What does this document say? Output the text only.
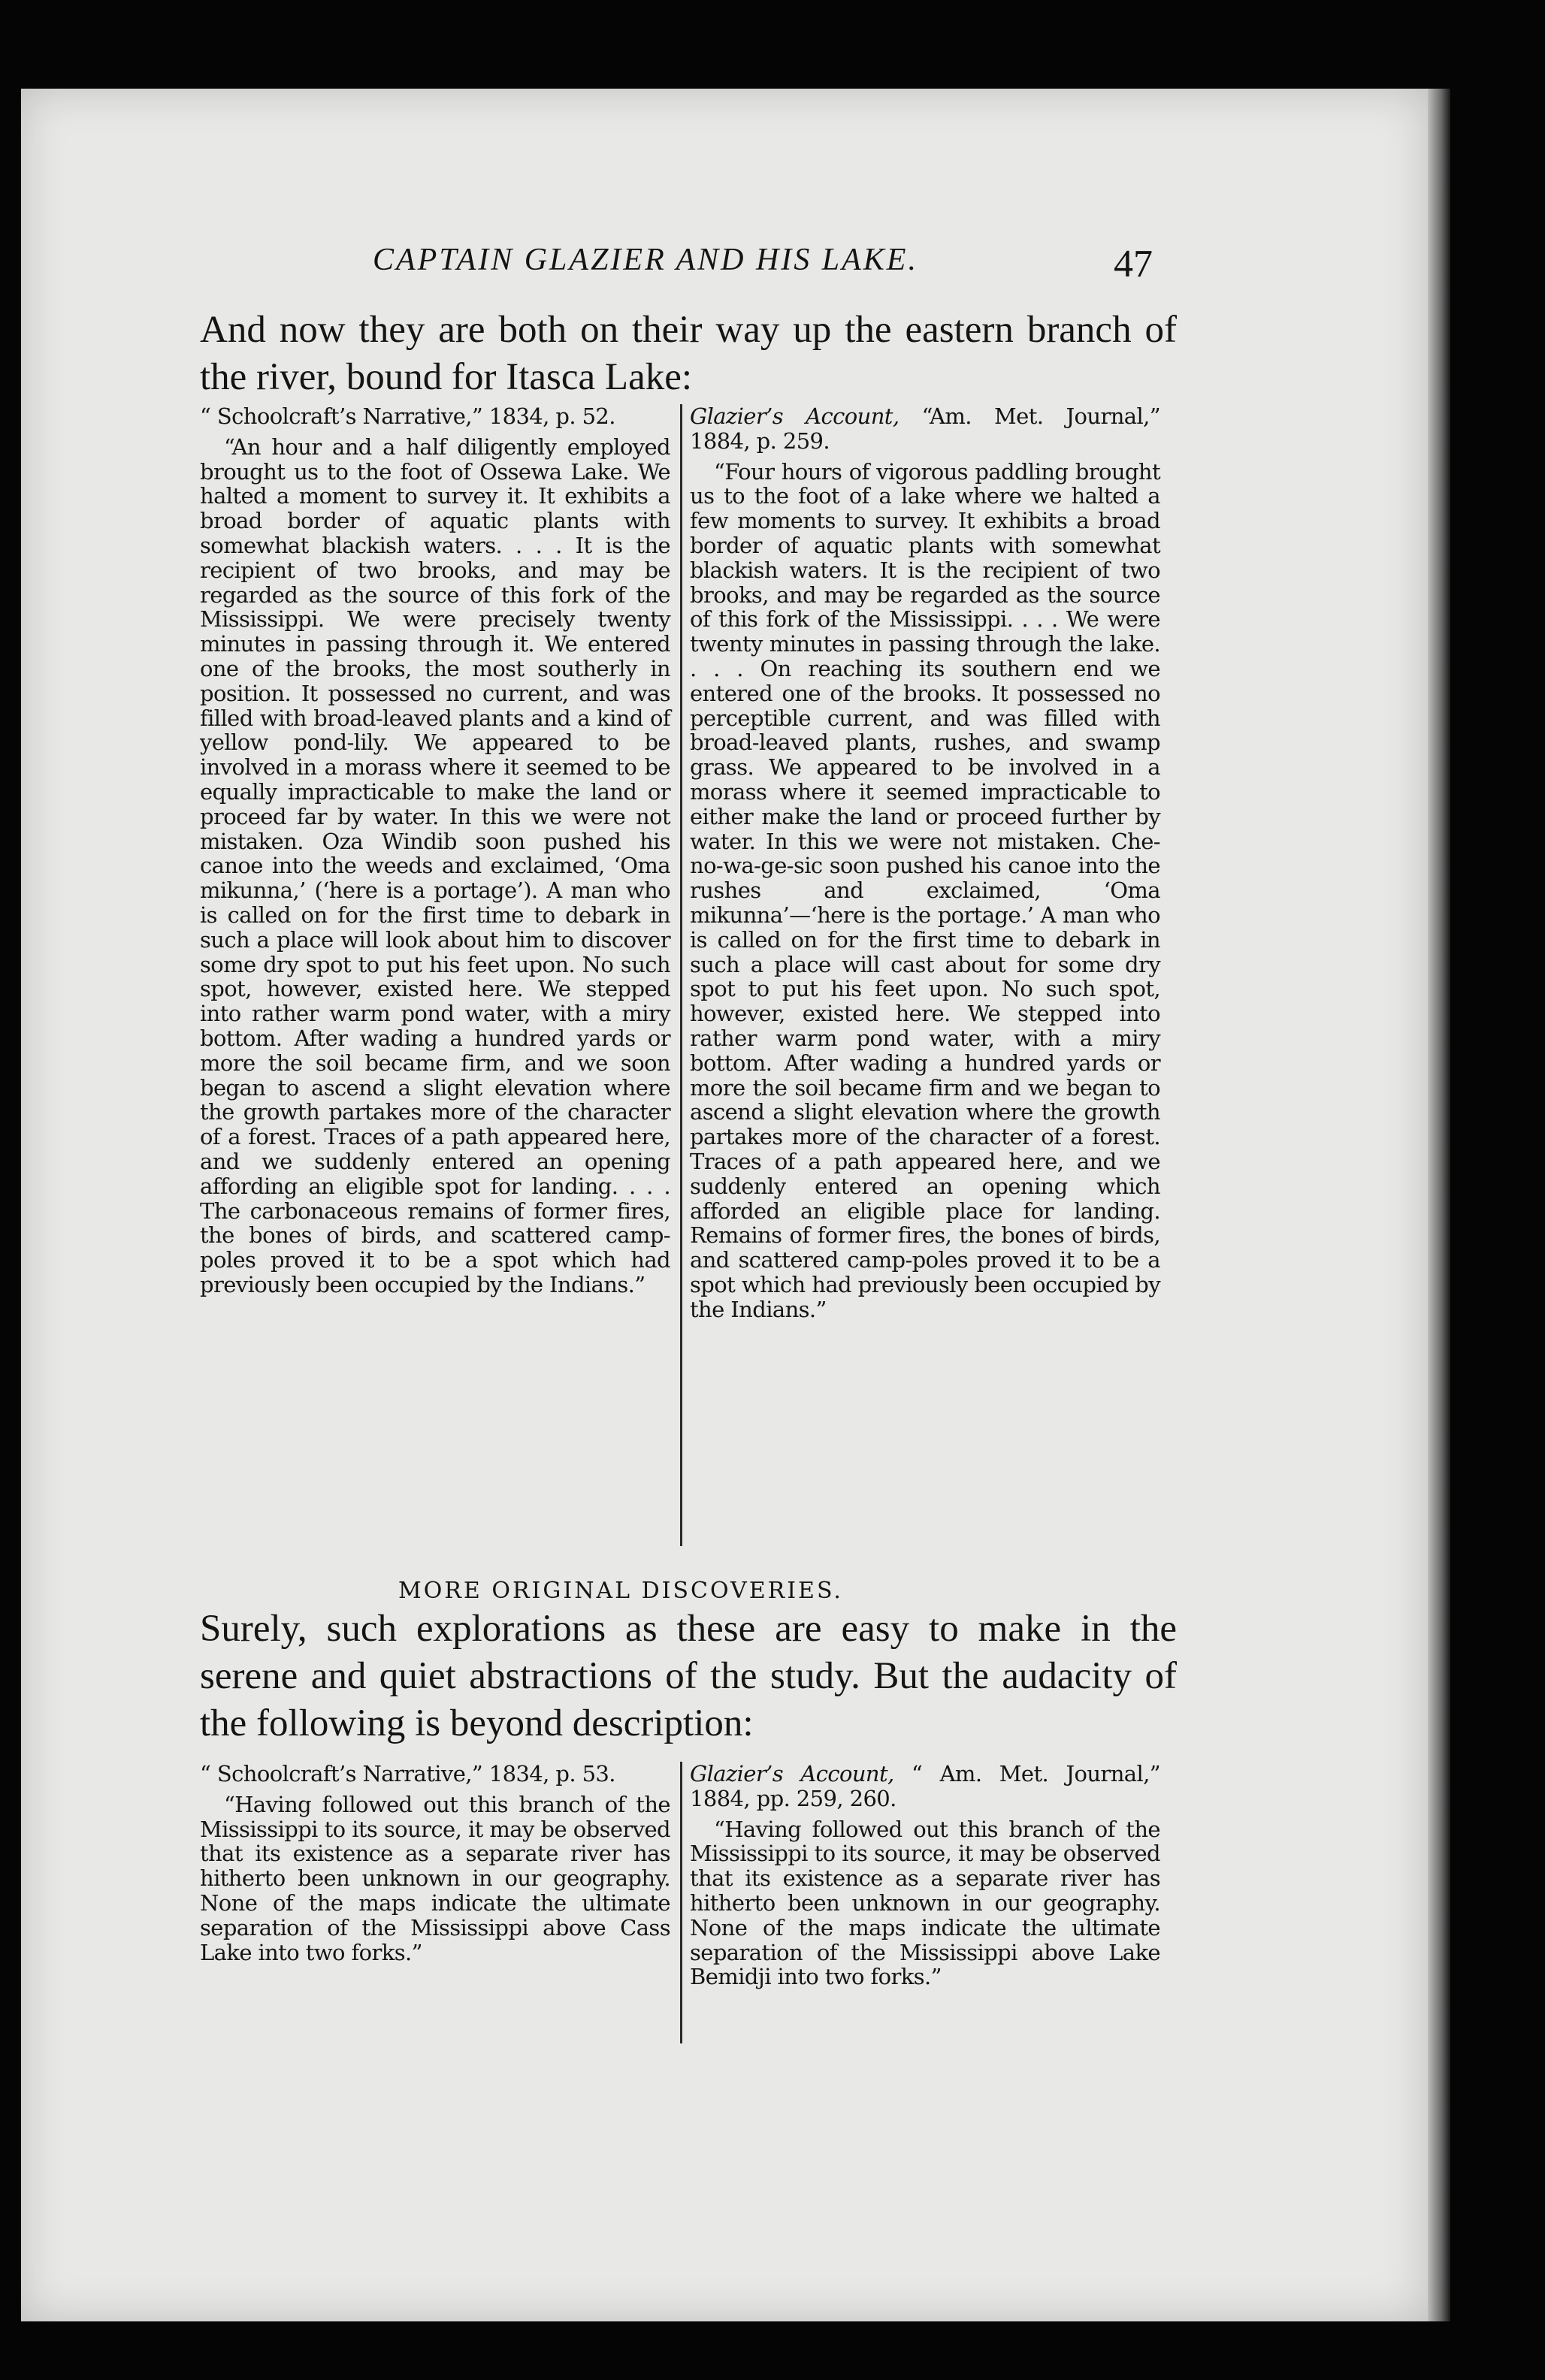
CAPTAIN GLAZIER AND HIS LAKE.	47

And now they are both on their way up the eastern branch of the river, bound for Itasca Lake:

“ Schoolcraft’s Narrative,” 1834, p. 52.

“An hour and a half diligently employed brought us to the foot of Ossewa Lake. We halted a moment to survey it. It exhibits a broad border of aquatic plants with somewhat blackish waters. . . . It is the recipient of two brooks, and may be regarded as the source of this fork of the Mississippi. We were precisely twenty minutes in passing through it. We entered one of the brooks, the most southerly in position. It possessed no current, and was filled with broad-leaved plants and a kind of yellow pond-lily. We appeared to be involved in a morass where it seemed to be equally impracticable to make the land or proceed far by water. In this we were not mistaken. Oza Windib soon pushed his canoe into the weeds and exclaimed, ‘Oma mikunna,’ (‘here is a portage’). A man who is called on for the first time to debark in such a place will look about him to discover some dry spot to put his feet upon. No such spot, however, existed here. We stepped into rather warm pond water, with a miry bottom. After wading a hundred yards or more the soil became firm, and we soon began to ascend a slight elevation where the growth partakes more of the character of a forest. Traces of a path appeared here, and we suddenly entered an opening affording an eligible spot for landing. . . . The carbonaceous remains of former fires, the bones of birds, and scattered camp-poles proved it to be a spot which had previously been occupied by the Indians.”

Glazier’s Account, “Am. Met. Journal,” 1884, p. 259.

“Four hours of vigorous paddling brought us to the foot of a lake where we halted a few moments to survey. It exhibits a broad border of aquatic plants with somewhat blackish waters. It is the recipient of two brooks, and may be regarded as the source of this fork of the Mississippi. . . . We were twenty minutes in passing through the lake. . . . On reaching its southern end we entered one of the brooks. It possessed no perceptible current, and was filled with broad-leaved plants, rushes, and swamp grass. We appeared to be involved in a morass where it seemed impracticable to either make the land or proceed further by water. In this we were not mistaken. Che-no-wa-ge-sic soon pushed his canoe into the rushes and exclaimed, ‘Oma mikunna’—‘here is the portage.’ A man who is called on for the first time to debark in such a place will cast about for some dry spot to put his feet upon. No such spot, however, existed here. We stepped into rather warm pond water, with a miry bottom. After wading a hundred yards or more the soil became firm and we began to ascend a slight elevation where the growth partakes more of the character of a forest. Traces of a path appeared here, and we suddenly entered an opening which afforded an eligible place for landing. Remains of former fires, the bones of birds, and scattered camp-poles proved it to be a spot which had previously been occupied by the Indians.”

MORE ORIGINAL DISCOVERIES.

Surely, such explorations as these are easy to make in the serene and quiet abstractions of the study. But the audacity of the following is beyond description:

“ Schoolcraft’s Narrative,” 1834, p. 53.

“Having followed out this branch of the Mississippi to its source, it may be observed that its existence as a separate river has hitherto been unknown in our geography. None of the maps indicate the ultimate separation of the Mississippi above Cass Lake into two forks.”

Glazier’s Account, “ Am. Met. Journal,” 1884, pp. 259, 260.

“Having followed out this branch of the Mississippi to its source, it may be observed that its existence as a separate river has hitherto been unknown in our geography. None of the maps indicate the ultimate separation of the Mississippi above Lake Bemidji into two forks.”
